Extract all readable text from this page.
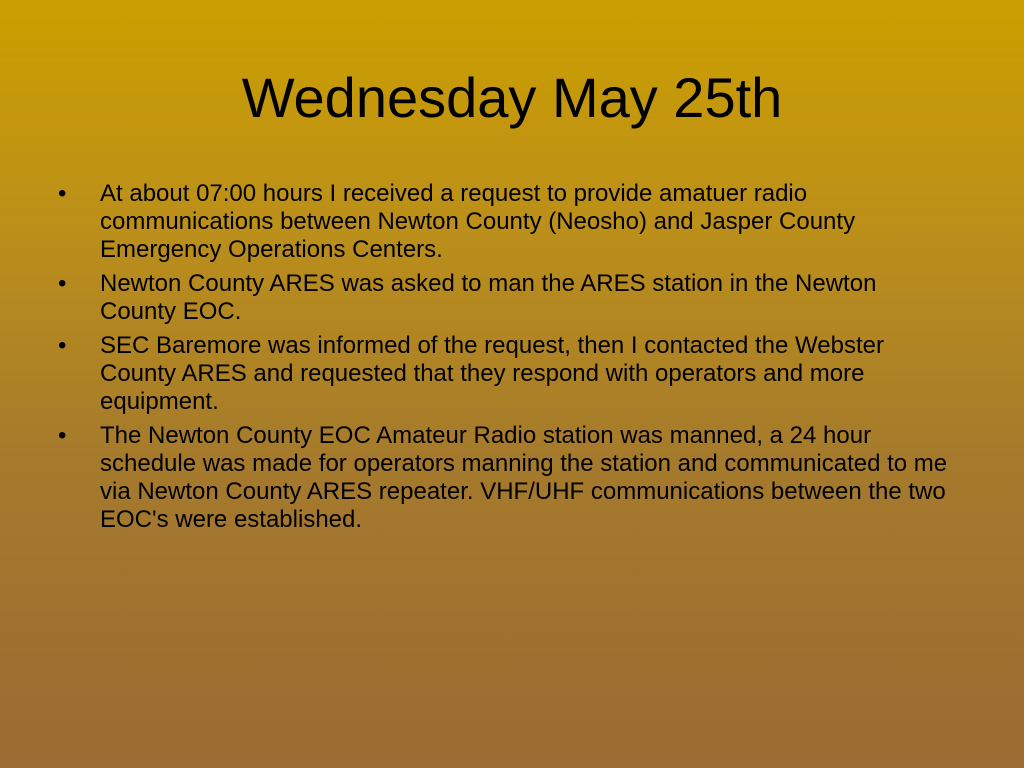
Wednesday May 25th
•	At about 07:00 hours I received a request to provide amatuer radio communications between Newton County (Neosho) and Jasper County Emergency Operations Centers.
•	Newton County ARES was asked to man the ARES station in the Newton County EOC.
•	SEC Baremore was informed of the request, then I contacted the Webster County ARES and requested that they respond with operators and more equipment.
•	The Newton County EOC Amateur Radio station was manned, a 24 hour schedule was made for operators manning the station and communicated to me via Newton County ARES repeater. VHF/UHF communications between the two EOC's were established.
